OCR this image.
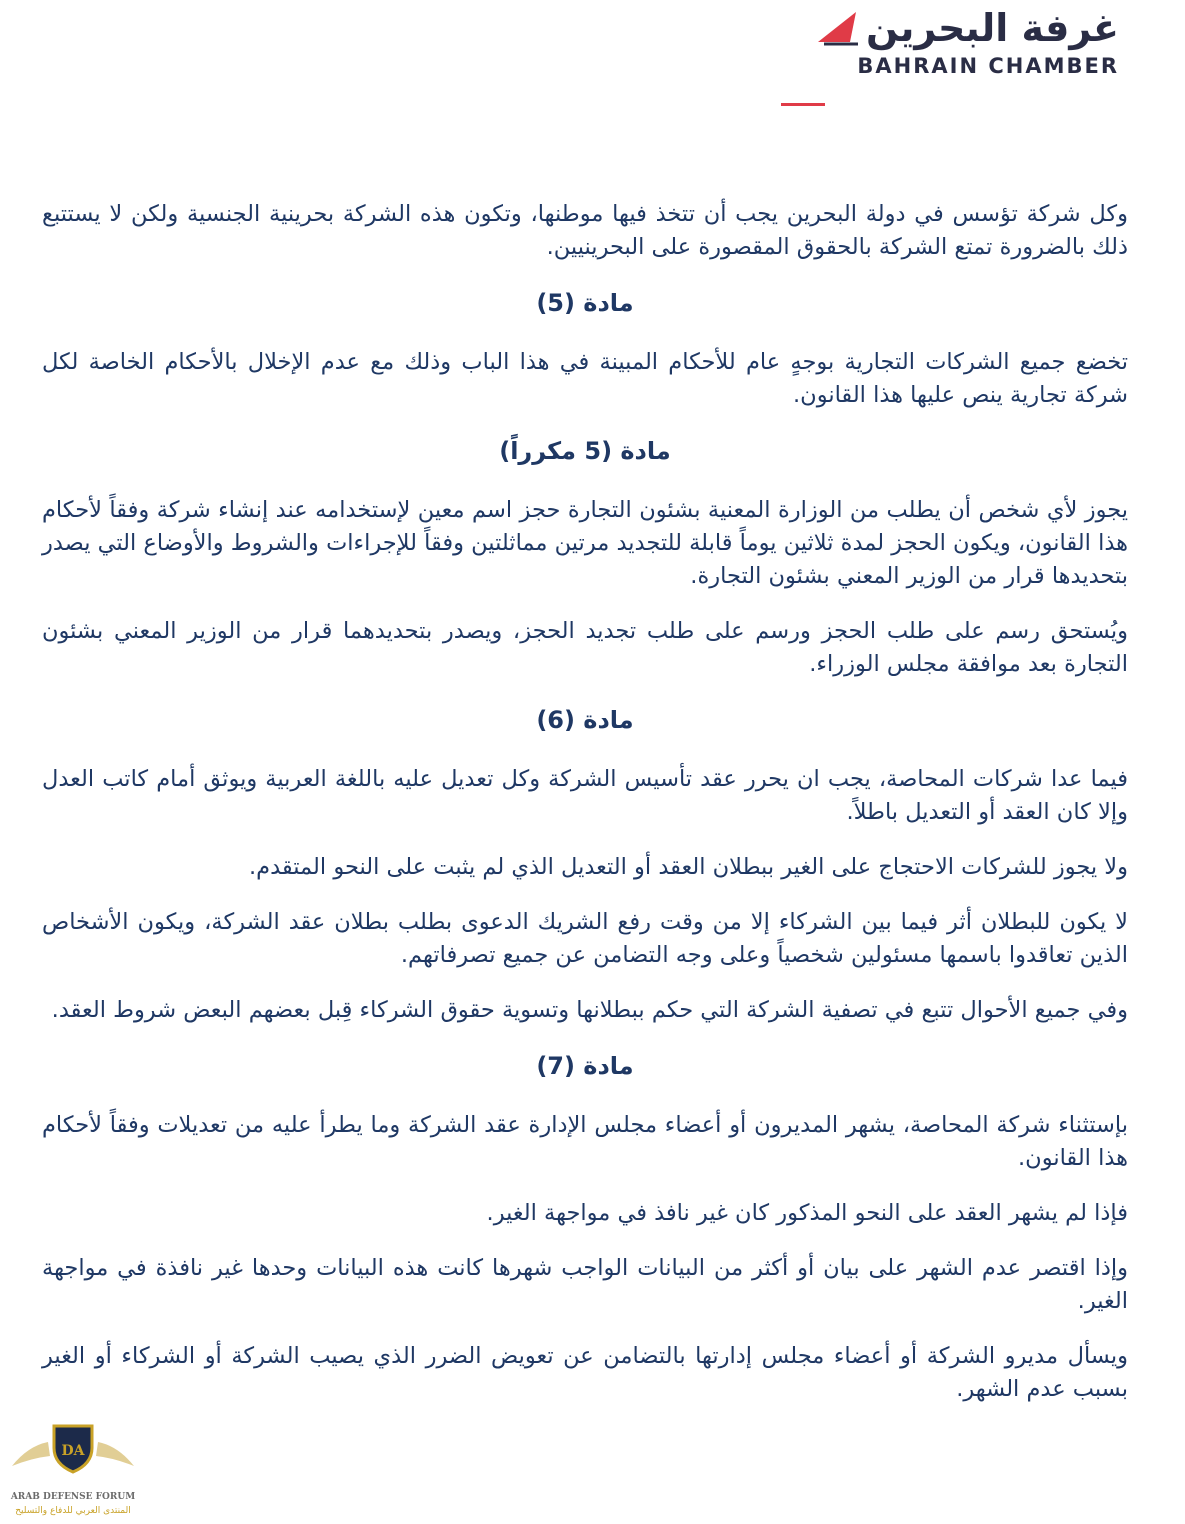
غرفة البحرين
BAHRAIN CHAMBER

وكل شركة تؤسس في دولة البحرين يجب أن تتخذ فيها موطنها، وتكون هذه الشركة بحرينية الجنسية ولكن لا يستتبع ذلك بالضرورة تمتع الشركة بالحقوق المقصورة على البحرينيين.

مادة (5)

تخضع جميع الشركات التجارية بوجهٍ عام للأحكام المبينة في هذا الباب وذلك مع عدم الإخلال بالأحكام الخاصة لكل شركة تجارية ينص عليها هذا القانون.

مادة (5 مكرراً)

يجوز لأي شخص أن يطلب من الوزارة المعنية بشئون التجارة حجز اسم معين لإستخدامه عند إنشاء شركة وفقاً لأحكام هذا القانون، ويكون الحجز لمدة ثلاثين يوماً قابلة للتجديد مرتين مماثلتين وفقاً للإجراءات والشروط والأوضاع التي يصدر بتحديدها قرار من الوزير المعني بشئون التجارة.

ويُستحق رسم على طلب الحجز ورسم على طلب تجديد الحجز، ويصدر بتحديدهما قرار من الوزير المعني بشئون التجارة بعد موافقة مجلس الوزراء.

مادة (6)

فيما عدا شركات المحاصة، يجب ان يحرر عقد تأسيس الشركة وكل تعديل عليه باللغة العربية ويوثق أمام كاتب العدل وإلا كان العقد أو التعديل باطلاً.

ولا يجوز للشركات الاحتجاج على الغير ببطلان العقد أو التعديل الذي لم يثبت على النحو المتقدم.

لا يكون للبطلان أثر فيما بين الشركاء إلا من وقت رفع الشريك الدعوى بطلب بطلان عقد الشركة، ويكون الأشخاص الذين تعاقدوا باسمها مسئولين شخصياً وعلى وجه التضامن عن جميع تصرفاتهم.

وفي جميع الأحوال تتبع في تصفية الشركة التي حكم ببطلانها وتسوية حقوق الشركاء قِبل بعضهم البعض شروط العقد.

مادة (7)

بإستثناء شركة المحاصة، يشهر المديرون أو أعضاء مجلس الإدارة عقد الشركة وما يطرأ عليه من تعديلات وفقاً لأحكام هذا القانون.

فإذا لم يشهر العقد على النحو المذكور كان غير نافذ في مواجهة الغير.

وإذا اقتصر عدم الشهر على بيان أو أكثر من البيانات الواجب شهرها كانت هذه البيانات وحدها غير نافذة في مواجهة الغير.

ويسأل مديرو الشركة أو أعضاء مجلس إدارتها بالتضامن عن تعويض الضرر الذي يصيب الشركة أو الشركاء أو الغير بسبب عدم الشهر.

DA
ARAB DEFENSE FORUM
المنتدى العربي للدفاع والتسليح
